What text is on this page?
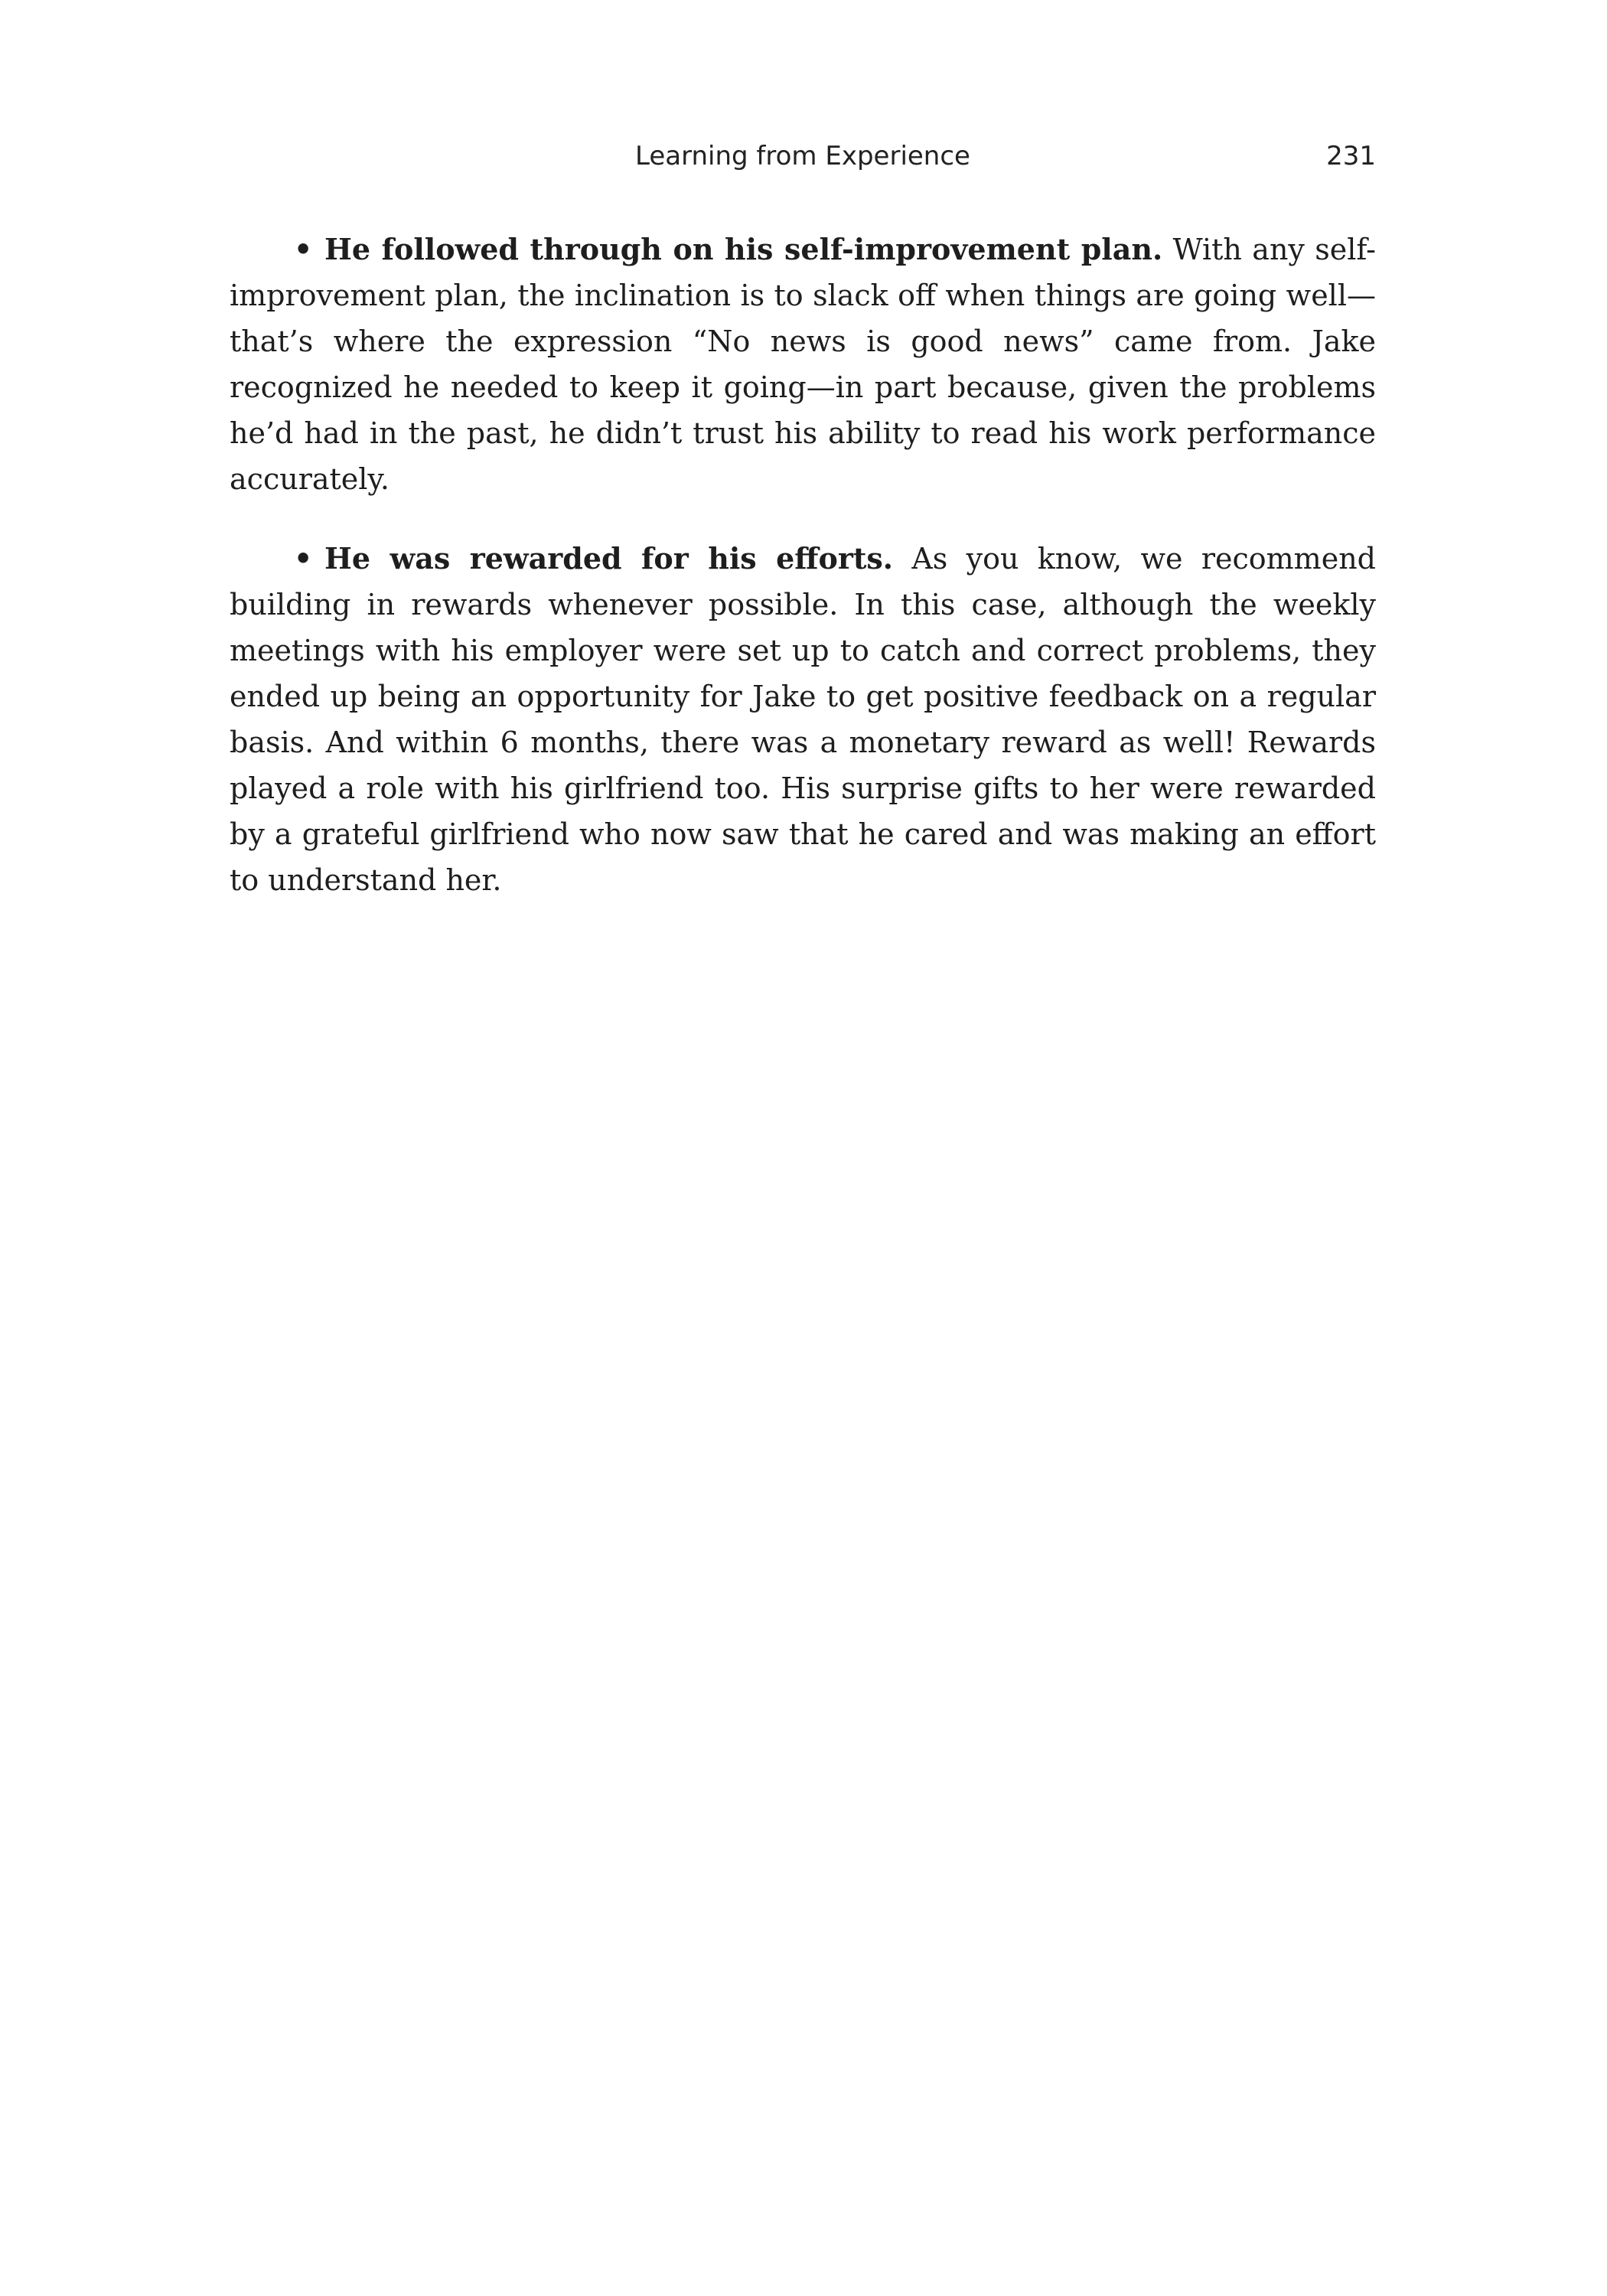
Learning from Experience	231

• He followed through on his self-improvement plan. With any self-improvement plan, the inclination is to slack off when things are going well—that’s where the expression “No news is good news” came from. Jake recognized he needed to keep it going—in part because, given the problems he’d had in the past, he didn’t trust his ability to read his work performance accurately.

• He was rewarded for his efforts. As you know, we recommend building in rewards whenever possible. In this case, although the weekly meetings with his employer were set up to catch and correct problems, they ended up being an opportunity for Jake to get positive feedback on a regular basis. And within 6 months, there was a monetary reward as well! Rewards played a role with his girlfriend too. His surprise gifts to her were rewarded by a grateful girlfriend who now saw that he cared and was making an effort to understand her.
